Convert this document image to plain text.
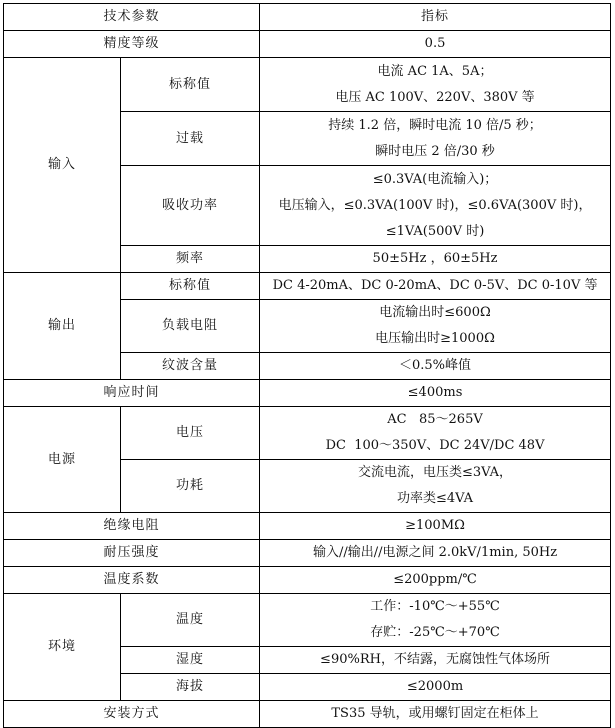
技术参数		指标
精度等级		0.5
输入	标称值	电流 AC 1A、5A；
电压 AC 100V、220V、380V 等

	过载	持续 1.2 倍，瞬时电流 10 倍/5 秒；
瞬时电压 2 倍/30 秒

	吸收功率	≤0.3VA(电流输入)；
电压输入，≤0.3VA(100V 时)，≤0.6VA(300V 时)，
≤1VA(500V 时)

	频率	50±5Hz ，60±5Hz
输出	标称值	DC 4-20mA、DC 0-20mA、DC 0-5V、DC 0-10V 等
	负载电阻	电流输出时≤600Ω
电压输出时≥1000Ω

	纹波含量	＜0.5%峰值
响应时间		≤400ms
电源	电压	AC   85～265V
DC  100～350V、DC 24V/DC 48V

	功耗	交流电流，电压类≤3VA，
功率类≤4VA

绝缘电阻		≥100MΩ
耐压强度		输入//输出//电源之间 2.0kV/1min, 50Hz
温度系数		≤200ppm/℃
环境	温度	工作：-10℃～+55℃
存贮：-25℃～+70℃

	湿度	≤90%RH，不结露，无腐蚀性气体场所
	海拔	≤2000m
安装方式		TS35 导轨，或用螺钉固定在柜体上
